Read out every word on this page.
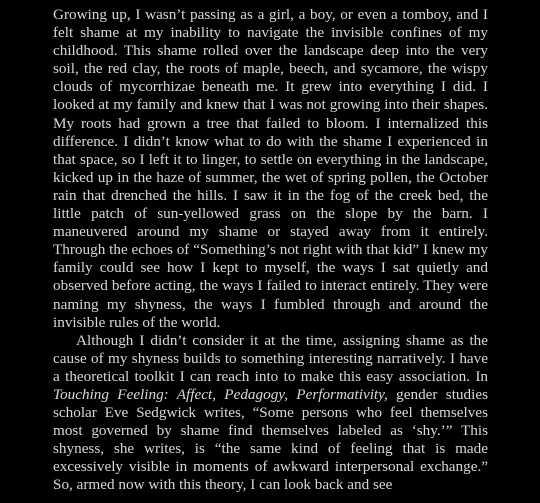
Growing up, I wasn’t passing as a girl, a boy, or even a tomboy, and I felt shame at my inability to navigate the invisible confines of my childhood. This shame rolled over the landscape deep into the very soil, the red clay, the roots of maple, beech, and sycamore, the wispy clouds of mycorrhizae beneath me. It grew into everything I did. I looked at my family and knew that I was not growing into their shapes. My roots had grown a tree that failed to bloom. I internalized this difference. I didn’t know what to do with the shame I experienced in that space, so I left it to linger, to settle on everything in the landscape, kicked up in the haze of summer, the wet of spring pollen, the October rain that drenched the hills. I saw it in the fog of the creek bed, the little patch of sun-yellowed grass on the slope by the barn. I maneuvered around my shame or stayed away from it entirely. Through the echoes of “Something’s not right with that kid” I knew my family could see how I kept to myself, the ways I sat quietly and observed before acting, the ways I failed to interact entirely. They were naming my shyness, the ways I fumbled through and around the invisible rules of the world.

Although I didn’t consider it at the time, assigning shame as the cause of my shyness builds to something interesting narratively. I have a theoretical toolkit I can reach into to make this easy association. In Touching Feeling: Affect, Pedagogy, Performativity, gender studies scholar Eve Sedgwick writes, “Some persons who feel themselves most governed by shame find themselves labeled as ‘shy.’” This shyness, she writes, is “the same kind of feeling that is made excessively visible in moments of awkward interpersonal exchange.” So, armed now with this theory, I can look back and see
